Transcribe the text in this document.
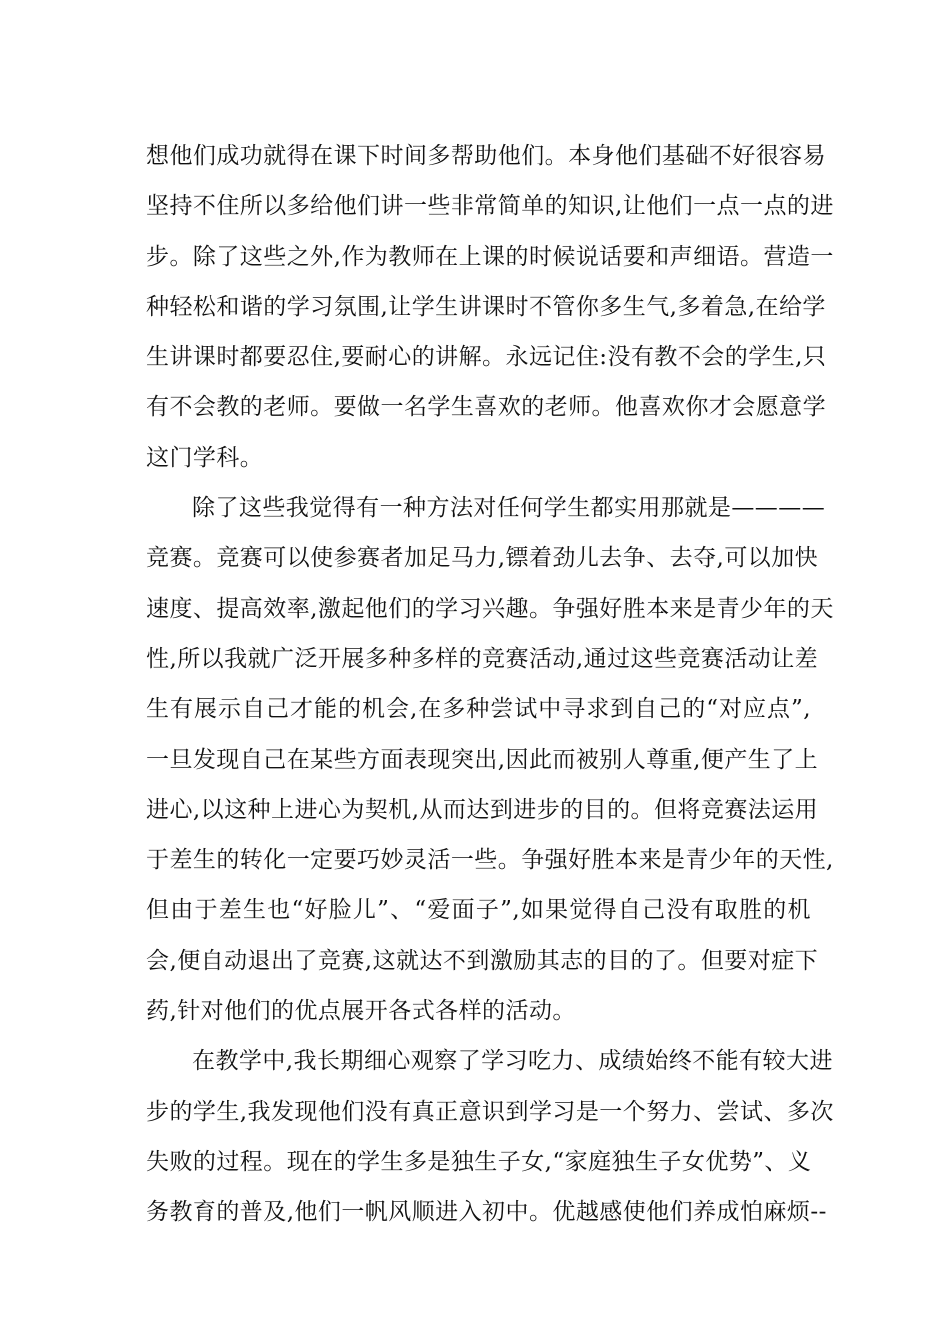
想他们成功就得在课下时间多帮助他们。本身他们基础不好很容易
坚持不住所以多给他们讲一些非常简单的知识,让他们一点一点的进
步。除了这些之外,作为教师在上课的时候说话要和声细语。营造一
种轻松和谐的学习氛围,让学生讲课时不管你多生气,多着急,在给学
生讲课时都要忍住,要耐心的讲解。永远记住:没有教不会的学生,只
有不会教的老师。要做一名学生喜欢的老师。他喜欢你才会愿意学
这门学科。
除了这些我觉得有一种方法对任何学生都实用那就是————
竞赛。竞赛可以使参赛者加足马力,镖着劲儿去争、去夺,可以加快
速度、提高效率,激起他们的学习兴趣。争强好胜本来是青少年的天
性,所以我就广泛开展多种多样的竞赛活动,通过这些竞赛活动让差
生有展示自己才能的机会,在多种尝试中寻求到自己的“对应点”,
一旦发现自己在某些方面表现突出,因此而被别人尊重,便产生了上
进心,以这种上进心为契机,从而达到进步的目的。但将竞赛法运用
于差生的转化一定要巧妙灵活一些。争强好胜本来是青少年的天性,
但由于差生也“好脸儿”、“爱面子”,如果觉得自己没有取胜的机
会,便自动退出了竞赛,这就达不到激励其志的目的了。但要对症下
药,针对他们的优点展开各式各样的活动。
在教学中,我长期细心观察了学习吃力、成绩始终不能有较大进
步的学生,我发现他们没有真正意识到学习是一个努力、尝试、多次
失败的过程。现在的学生多是独生子女,“家庭独生子女优势”、义
务教育的普及,他们一帆风顺进入初中。优越感使他们养成怕麻烦--
